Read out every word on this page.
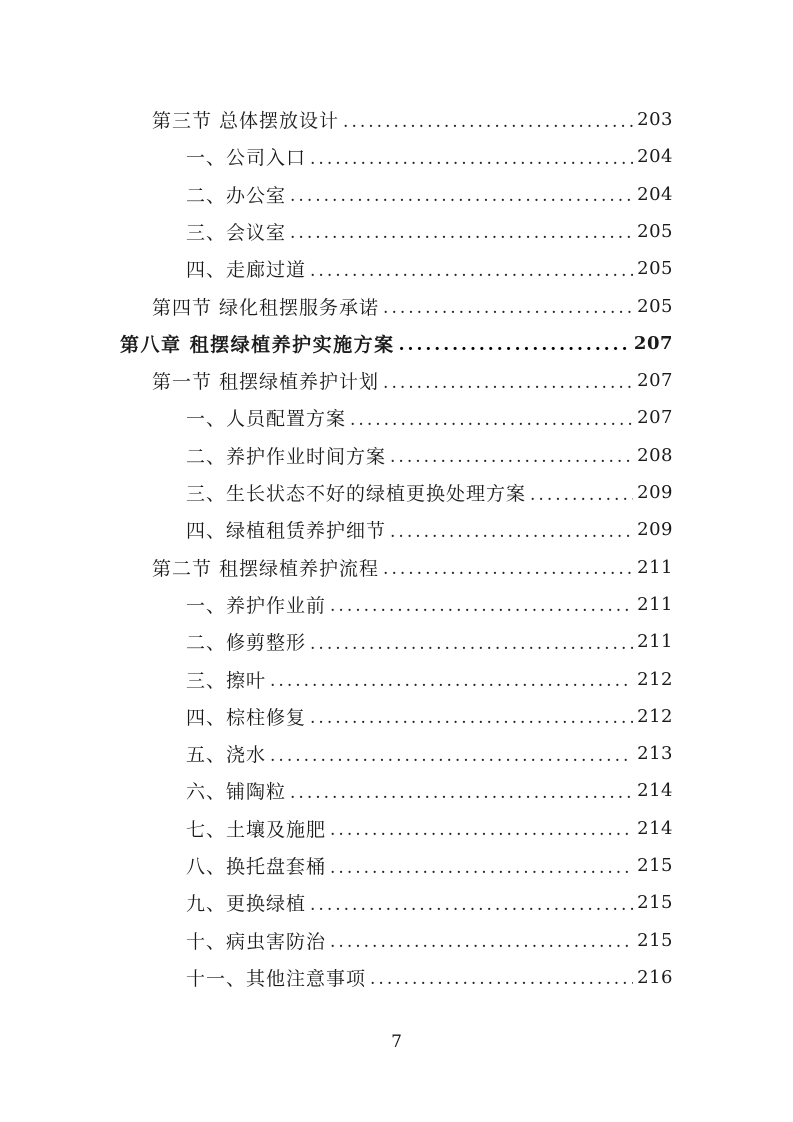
第三节 总体摆放设计 .....	203
一、公司入口 .....	204
二、办公室 .....	204
三、会议室 .....	205
四、走廊过道 .....	205
第四节 绿化租摆服务承诺 .....	205
第八章 租摆绿植养护实施方案 .....	207
第一节 租摆绿植养护计划 .....	207
一、人员配置方案 .....	207
二、养护作业时间方案 .....	208
三、生长状态不好的绿植更换处理方案 .....	209
四、绿植租赁养护细节 .....	209
第二节 租摆绿植养护流程 .....	211
一、养护作业前 .....	211
二、修剪整形 .....	211
三、擦叶 .....	212
四、棕柱修复 .....	212
五、浇水 .....	213
六、铺陶粒 .....	214
七、土壤及施肥 .....	214
八、换托盘套桶 .....	215
九、更换绿植 .....	215
十、病虫害防治 .....	215
十一、其他注意事项 .....	216
7
